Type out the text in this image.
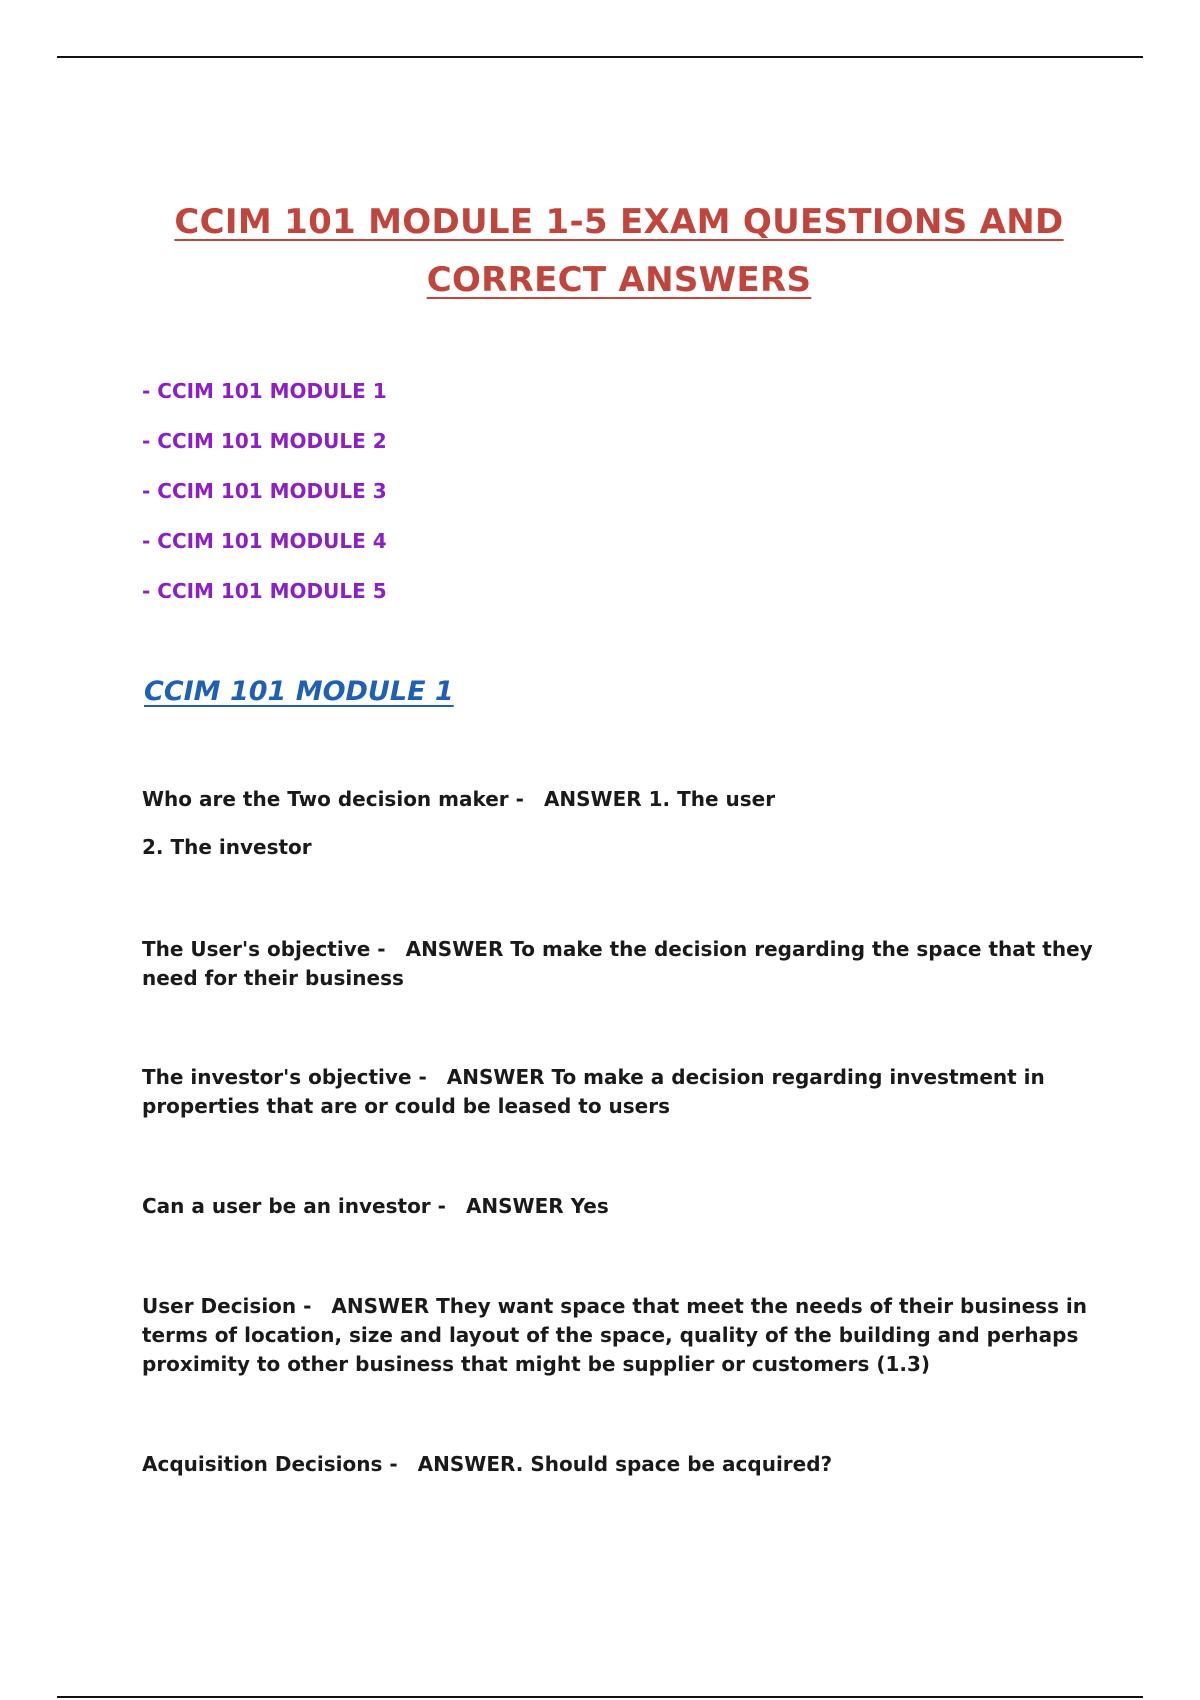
CCIM 101 MODULE 1-5 EXAM QUESTIONS AND
CORRECT ANSWERS
- CCIM 101 MODULE 1
- CCIM 101 MODULE 2
- CCIM 101 MODULE 3
- CCIM 101 MODULE 4
- CCIM 101 MODULE 5
CCIM 101 MODULE 1
Who are the Two decision maker - ANSWER 1. The user
2. The investor
The User's objective - ANSWER To make the decision regarding the space that they
need for their business
The investor's objective - ANSWER To make a decision regarding investment in
properties that are or could be leased to users
Can a user be an investor - ANSWER Yes
User Decision - ANSWER They want space that meet the needs of their business in
terms of location, size and layout of the space, quality of the building and perhaps
proximity to other business that might be supplier or customers (1.3)
Acquisition Decisions - ANSWER. Should space be acquired?
